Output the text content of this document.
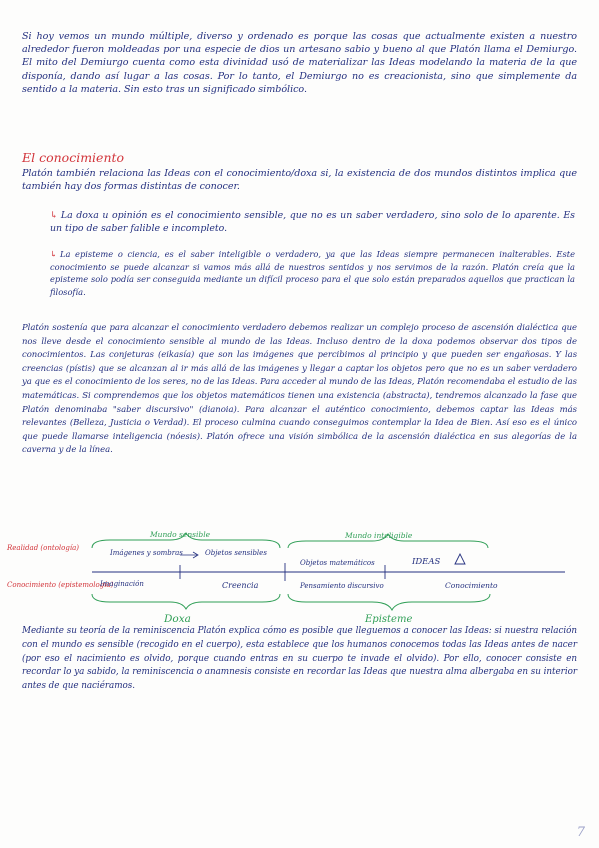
Si hoy vemos un mundo múltiple, diverso y ordenado es porque las cosas que actualmente existen a nuestro alrededor fueron moldeadas por una especie de dios un artesano sabio y bueno al que Platón llama el Demiurgo. El mito del Demiurgo cuenta como esta divinidad usó de materializar las Ideas modelando la materia de la que disponía, dando así lugar a las cosas. Por lo tanto, el Demiurgo no es creacionista, sino que simplemente da sentido a la materia. Sin esto tras un significado simbólico.
El conocimiento
Platón también relaciona las Ideas con el conocimiento/doxa si, la existencia de dos mundos distintos implica que también hay dos formas distintas de conocer.
↳ La doxa u opinión es el conocimiento sensible, que no es un saber verdadero, sino solo de lo aparente. Es un tipo de saber falible e incompleto.
↳ La episteme o ciencia, es el saber inteligible o verdadero, ya que las Ideas siempre permanecen inalterables. Este conocimiento se puede alcanzar si vamos más allá de nuestros sentidos y nos servimos de la razón. Platón creía que la episteme solo podía ser conseguida mediante un difícil proceso para el que solo están preparados aquellos que practican la filosofía.
Platón sostenía que para alcanzar el conocimiento verdadero debemos realizar un complejo proceso de ascensión dialéctica que nos lleve desde el conocimiento sensible al mundo de las Ideas. Incluso dentro de la doxa podemos observar dos tipos de conocimientos. Las conjeturas (eikasía) que son las imágenes que percibimos al principio y que pueden ser engañosas. Y las creencias (pístis) que se alcanzan al ir más allá de las imágenes y llegar a captar los objetos pero que no es un saber verdadero ya que es el conocimiento de los seres, no de las Ideas. Para acceder al mundo de las Ideas, Platón recomendaba el estudio de las matemáticas. Si comprendemos que los objetos matemáticos tienen una existencia (abstracta), tendremos alcanzado la fase que Platón denominaba "saber discursivo" (dianoia). Para alcanzar el auténtico conocimiento, debemos captar las Ideas más relevantes (Belleza, Justicia o Verdad). El proceso culmina cuando conseguimos contemplar la Idea de Bien. Así eso es el único que puede llamarse inteligencia (nóesis). Platón ofrece una visión simbólica de la ascensión dialéctica en sus alegorías de la caverna y de la línea.
Realidad (ontología)
Conocimiento (epistemología)
Mundo sensible	Mundo inteligible
Imágenes y sombras	Objetos sensibles
Objetos matemáticos	IDEAS
Imaginación	Creencia	Pensamiento discursivo	Conocimiento
Doxa	Episteme
Mediante su teoría de la reminiscencia Platón explica cómo es posible que lleguemos a conocer las Ideas: si nuestra relación con el mundo es sensible (recogido en el cuerpo), esta establece que los humanos conocemos todas las Ideas antes de nacer (por eso el nacimiento es olvido, porque cuando entras en su cuerpo te invade el olvido). Por ello, conocer consiste en recordar lo ya sabido, la reminiscencia o anamnesis consiste en recordar las Ideas que nuestra alma albergaba en su interior antes de que naciéramos.
7
